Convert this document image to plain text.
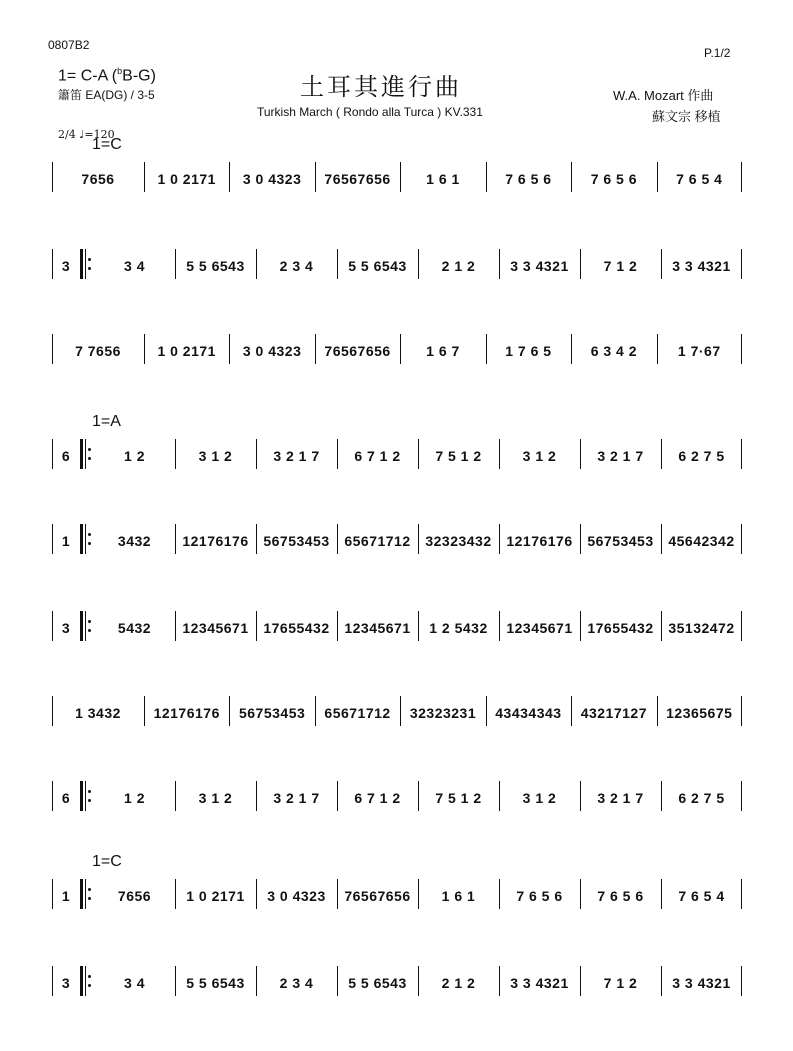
0807B2
P.1/2
1= C-A ($^b$B-G)
簫笛 EA(DG) / 3-5	土耳其進行曲
Turkish March ( Rondo alla Turca ) KV.331
W.A. Mozart 作曲
蘇文宗 移植
2/4 ♩=120
1=C
7656	1 0 2171	3 0 4323	76567656	1 6 1	7 6 5 6	7 6 5 6	7 6 5 4
3	3 4	5 5 6543	2 3 4	5 5 6543	2 1 2	3 3 4321	7 1 2	3 3 4321
7 7656	1 0 2171	3 0 4323	76567656	1 6 7	1 7 6 5	6 3 4 2	1 7·67
1=A
6	1 2	3 1 2	3 2 1 7	6 7 1 2	7 5 1 2	3 1 2	3 2 1 7	6 2 7 5
1	3432	12176176	56753453	65671712	32323432	12176176	56753453	45642342
3	5432	12345671	17655432	12345671	1 2 5432	12345671	17655432	35132472
1 3432	12176176	56753453	65671712	32323231	43434343	43217127	12365675
6	1 2	3 1 2	3 2 1 7	6 7 1 2	7 5 1 2	3 1 2	3 2 1 7	6 2 7 5
1=C
1	7656	1 0 2171	3 0 4323	76567656	1 6 1	7 6 5 6	7 6 5 6	7 6 5 4
3	3 4	5 5 6543	2 3 4	5 5 6543	2 1 2	3 3 4321	7 1 2	3 3 4321
